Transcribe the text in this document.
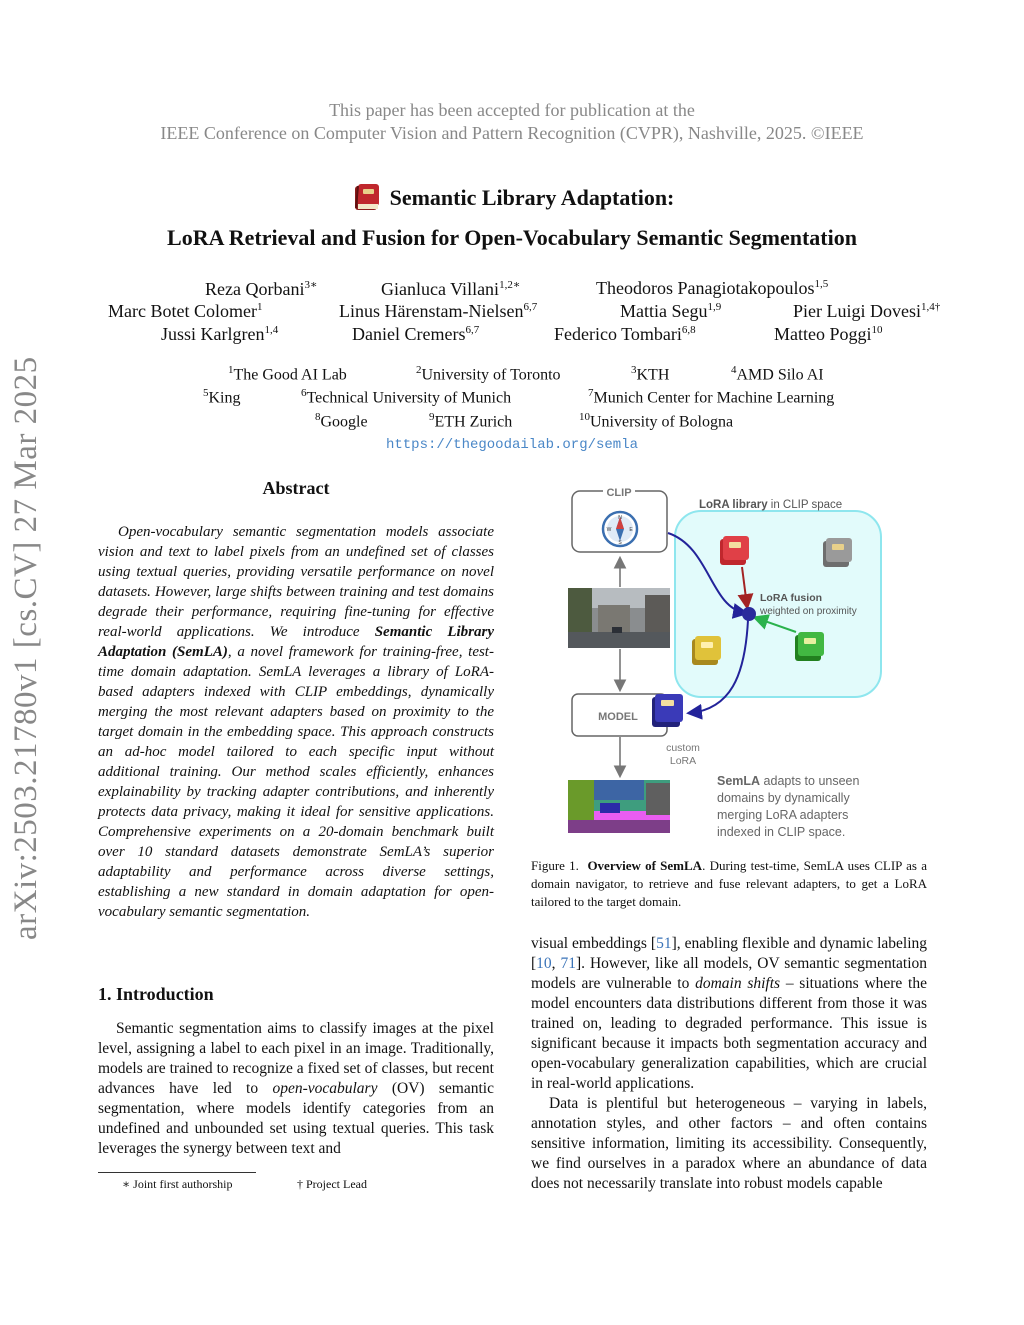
This paper has been accepted for publication at the
IEEE Conference on Computer Vision and Pattern Recognition (CVPR), Nashville, 2025. ©IEEE
arXiv:2503.21780v1 [cs.CV] 27 Mar 2025
Semantic Library Adaptation:
LoRA Retrieval and Fusion for Open-Vocabulary Semantic Segmentation
Reza Qorbani$^{3∗}$	Gianluca Villani$^{1,2∗}$	Theodoros Panagiotakopoulos$^{1,5}$
Marc Botet Colomer$^1$	Linus Härenstam-Nielsen$^{6,7}$	Mattia Segu$^{1,9}$	Pier Luigi Dovesi$^{1,4\dagger}$
Jussi Karlgren$^{1,4}$	Daniel Cremers$^{6,7}$	Federico Tombari$^{6,8}$	Matteo Poggi$^{10}$
$^1$The Good AI Lab	$^2$University of Toronto	$^3$KTH	$^4$AMD Silo AI
$^5$King	$^6$Technical University of Munich	$^7$Munich Center for Machine Learning
$^8$Google	$^9$ETH Zurich	$^{10}$University of Bologna
https://thegoodailab.org/semla
Abstract
Open-vocabulary semantic segmentation models associate vision and text to label pixels from an undefined set of classes using textual queries, providing versatile performance on novel datasets. However, large shifts between training and test domains degrade their performance, requiring fine-tuning for effective real-world applications. We introduce Semantic Library Adaptation (SemLA), a novel framework for training-free, test-time domain adaptation. SemLA leverages a library of LoRA-based adapters indexed with CLIP embeddings, dynamically merging the most relevant adapters based on proximity to the target domain in the embedding space. This approach constructs an ad-hoc model tailored to each specific input without additional training. Our method scales efficiently, enhances explainability by tracking adapter contributions, and inherently protects data privacy, making it ideal for sensitive applications. Comprehensive experiments on a 20-domain benchmark built over 10 standard datasets demonstrate SemLA’s superior adaptability and performance across diverse settings, establishing a new standard in domain adaptation for open-vocabulary semantic segmentation.
1. Introduction
Semantic segmentation aims to classify images at the pixel level, assigning a label to each pixel in an image. Traditionally, models are trained to recognize a fixed set of classes, but recent advances have led to open-vocabulary (OV) semantic segmentation, where models identify categories from an undefined and unbounded set using textual queries. This task leverages the synergy between text and
∗ Joint first authorship	† Project Lead
LoRA library in CLIP space
CLIP
N
S
W	E
MODEL
LoRA fusion
weighted on proximity
custom
LoRA
SemLA adapts to unseen
domains by dynamically
merging LoRA adapters
indexed in CLIP space.
Figure 1. Overview of SemLA. During test-time, SemLA uses CLIP as a domain navigator, to retrieve and fuse relevant adapters, to get a LoRA tailored to the target domain.
visual embeddings [51], enabling flexible and dynamic labeling [10, 71]. However, like all models, OV semantic segmentation models are vulnerable to domain shifts – situations where the model encounters data distributions different from those it was trained on, leading to degraded performance. This issue is significant because it impacts both segmentation accuracy and open-vocabulary generalization capabilities, which are crucial in real-world applications.
Data is plentiful but heterogeneous – varying in labels, annotation styles, and other factors – and often contains sensitive information, limiting its accessibility. Consequently, we find ourselves in a paradox where an abundance of data does not necessarily translate into robust models capable
